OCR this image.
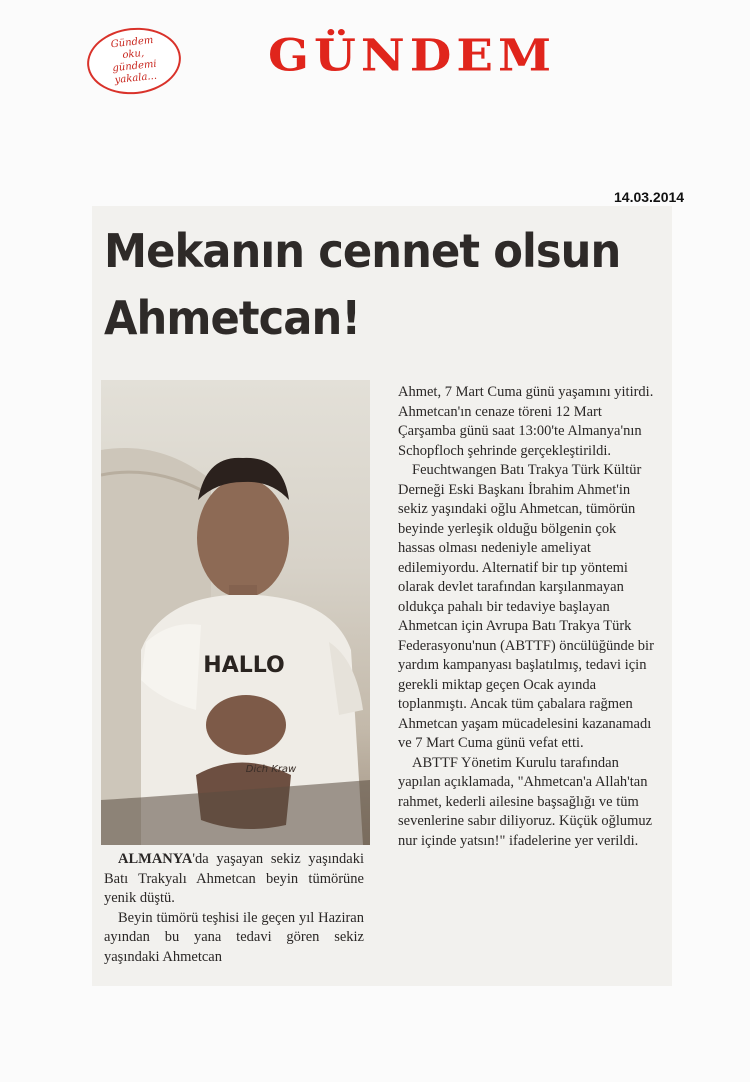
Gündem
oku,
gündemi
yakala... GÜNDEM
14.03.2014
Mekanın cennet olsun
Ahmetcan!
HALLO
Dich Kraw

ALMANYA'da yaşayan sekiz yaşındaki Batı Trakyalı Ahmetcan beyin tümörüne yenik düştü.

Beyin tümörü teşhisi ile geçen yıl Haziran ayından bu yana tedavi gören sekiz yaşındaki Ahmetcan

Ahmet, 7 Mart Cuma günü yaşamını yitirdi. Ahmetcan'ın cenaze töreni 12 Mart Çarşamba günü saat 13:00'te Almanya'nın Schopfloch şehrinde gerçekleştirildi.

Feuchtwangen Batı Trakya Türk Kültür Derneği Eski Başkanı İbrahim Ahmet'in sekiz yaşındaki oğlu Ahmetcan, tümörün beyinde yerleşik olduğu bölgenin çok hassas olması nedeniyle ameliyat edilemiyordu. Alternatif bir tıp yöntemi olarak devlet tarafından karşılanmayan oldukça pahalı bir tedaviye başlayan Ahmetcan için Avrupa Batı Trakya Türk Federasyonu'nun (ABTTF) öncülüğünde bir yardım kampanyası başlatılmış, tedavi için gerekli miktap geçen Ocak ayında toplanmıştı. Ancak tüm çabalara rağmen Ahmetcan yaşam mücadelesini kazanamadı ve 7 Mart Cuma günü vefat etti.

ABTTF Yönetim Kurulu tarafından yapılan açıklamada, "Ahmetcan'a Allah'tan rahmet, kederli ailesine başsağlığı ve tüm sevenlerine sabır diliyoruz. Küçük oğlumuz nur içinde yatsın!" ifadelerine yer verildi.
